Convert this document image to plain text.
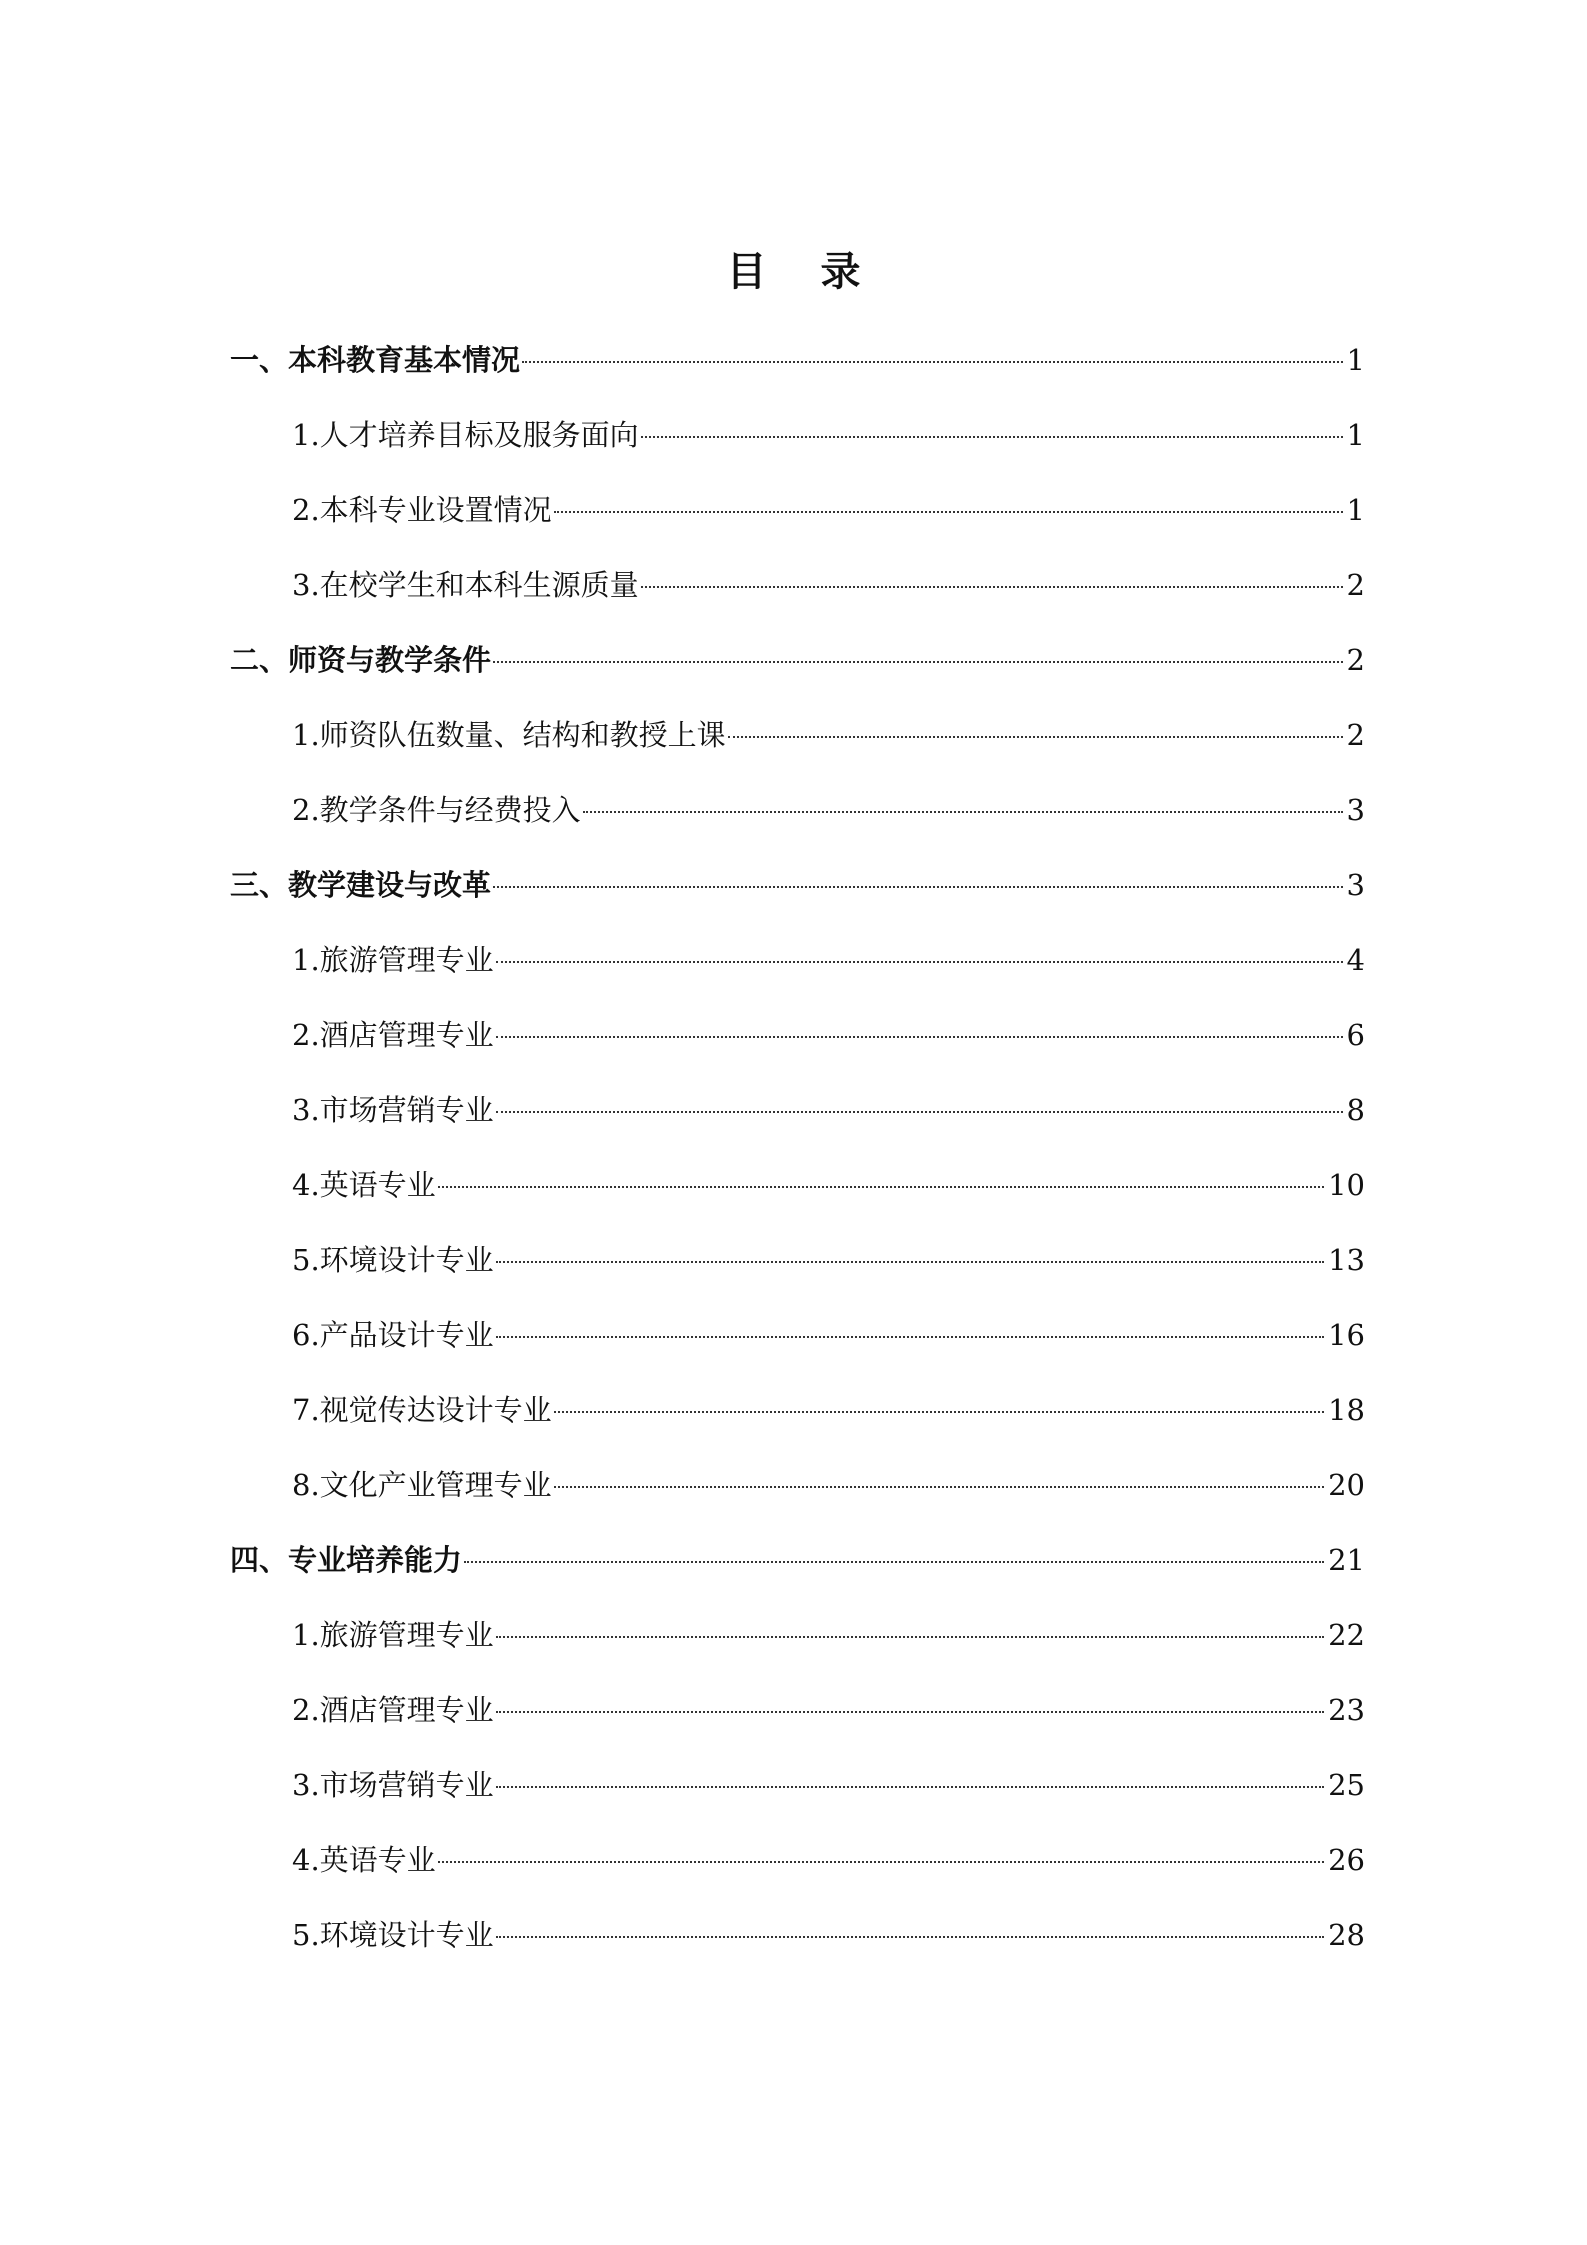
目 录
一、本科教育基本情况	1
1.人才培养目标及服务面向	1
2.本科专业设置情况	1
3.在校学生和本科生源质量	2
二、师资与教学条件	2
1.师资队伍数量、结构和教授上课	2
2.教学条件与经费投入	3
三、教学建设与改革	3
1.旅游管理专业	4
2.酒店管理专业	6
3.市场营销专业	8
4.英语专业	10
5.环境设计专业	13
6.产品设计专业	16
7.视觉传达设计专业	18
8.文化产业管理专业	20
四、专业培养能力	21
1.旅游管理专业	22
2.酒店管理专业	23
3.市场营销专业	25
4.英语专业	26
5.环境设计专业	28
